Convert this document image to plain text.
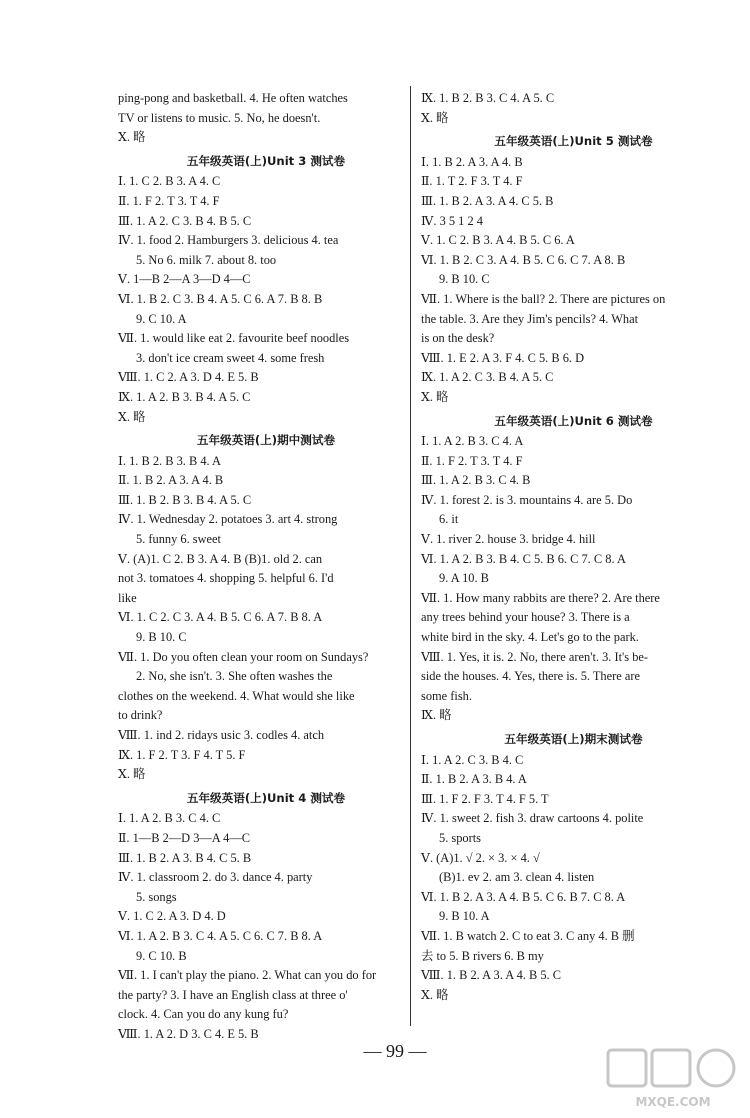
ping-pong and basketball. 4. He often watches
TV or listens to music. 5. No, he doesn't.
Ⅹ. 略
五年级英语(上)Unit 3 测试卷
Ⅰ. 1. C 2. B 3. A 4. C
Ⅱ. 1. F 2. T 3. T 4. F
Ⅲ. 1. A 2. C 3. B 4. B 5. C
Ⅳ. 1. food 2. Hamburgers 3. delicious 4. tea
5. No 6. milk 7. about 8. too
Ⅴ. 1—B 2—A 3—D 4—C
Ⅵ. 1. B 2. C 3. B 4. A 5. C 6. A 7. B 8. B
9. C 10. A
Ⅶ. 1. would like eat 2. favourite beef noodles
3. don't ice cream sweet 4. some fresh
Ⅷ. 1. C 2. A 3. D 4. E 5. B
Ⅸ. 1. A 2. B 3. B 4. A 5. C
Ⅹ. 略
五年级英语(上)期中测试卷
Ⅰ. 1. B 2. B 3. B 4. A
Ⅱ. 1. B 2. A 3. A 4. B
Ⅲ. 1. B 2. B 3. B 4. A 5. C
Ⅳ. 1. Wednesday 2. potatoes 3. art 4. strong
5. funny 6. sweet
Ⅴ. (A)1. C 2. B 3. A 4. B (B)1. old 2. can
not 3. tomatoes 4. shopping 5. helpful 6. I'd
like
Ⅵ. 1. C 2. C 3. A 4. B 5. C 6. A 7. B 8. A
9. B 10. C
Ⅶ. 1. Do you often clean your room on Sundays?
2. No, she isn't. 3. She often washes the
clothes on the weekend. 4. What would she like
to drink?
Ⅷ. 1. ind 2. ridays usic 3. codles 4. atch
Ⅸ. 1. F 2. T 3. F 4. T 5. F
Ⅹ. 略
五年级英语(上)Unit 4 测试卷
Ⅰ. 1. A 2. B 3. C 4. C
Ⅱ. 1—B 2—D 3—A 4—C
Ⅲ. 1. B 2. A 3. B 4. C 5. B
Ⅳ. 1. classroom 2. do 3. dance 4. party
5. songs
Ⅴ. 1. C 2. A 3. D 4. D
Ⅵ. 1. A 2. B 3. C 4. A 5. C 6. C 7. B 8. A
9. C 10. B
Ⅶ. 1. I can't play the piano. 2. What can you do for
the party? 3. I have an English class at three o'
clock. 4. Can you do any kung fu?
Ⅷ. 1. A 2. D 3. C 4. E 5. B
Ⅸ. 1. B 2. B 3. C 4. A 5. C
Ⅹ. 略
五年级英语(上)Unit 5 测试卷
Ⅰ. 1. B 2. A 3. A 4. B
Ⅱ. 1. T 2. F 3. T 4. F
Ⅲ. 1. B 2. A 3. A 4. C 5. B
Ⅳ. 3 5 1 2 4
Ⅴ. 1. C 2. B 3. A 4. B 5. C 6. A
Ⅵ. 1. B 2. C 3. A 4. B 5. C 6. C 7. A 8. B
9. B 10. C
Ⅶ. 1. Where is the ball? 2. There are pictures on
the table. 3. Are they Jim's pencils? 4. What
is on the desk?
Ⅷ. 1. E 2. A 3. F 4. C 5. B 6. D
Ⅸ. 1. A 2. C 3. B 4. A 5. C
Ⅹ. 略
五年级英语(上)Unit 6 测试卷
Ⅰ. 1. A 2. B 3. C 4. A
Ⅱ. 1. F 2. T 3. T 4. F
Ⅲ. 1. A 2. B 3. C 4. B
Ⅳ. 1. forest 2. is 3. mountains 4. are 5. Do
6. it
Ⅴ. 1. river 2. house 3. bridge 4. hill
Ⅵ. 1. A 2. B 3. B 4. C 5. B 6. C 7. C 8. A
9. A 10. B
Ⅶ. 1. How many rabbits are there? 2. Are there
any trees behind your house? 3. There is a
white bird in the sky. 4. Let's go to the park.
Ⅷ. 1. Yes, it is. 2. No, there aren't. 3. It's be-
side the houses. 4. Yes, there is. 5. There are
some fish.
Ⅸ. 略
五年级英语(上)期末测试卷
Ⅰ. 1. A 2. C 3. B 4. C
Ⅱ. 1. B 2. A 3. B 4. A
Ⅲ. 1. F 2. F 3. T 4. F 5. T
Ⅳ. 1. sweet 2. fish 3. draw cartoons 4. polite
5. sports
Ⅴ. (A)1. √ 2. × 3. × 4. √
(B)1. ev 2. am 3. clean 4. listen
Ⅵ. 1. B 2. A 3. A 4. B 5. C 6. B 7. C 8. A
9. B 10. A
Ⅶ. 1. B watch 2. C to eat 3. C any 4. B 删
去 to 5. B rivers 6. B my
Ⅷ. 1. B 2. A 3. A 4. B 5. C
Ⅹ. 略
— 99 —
MXQE.COM
